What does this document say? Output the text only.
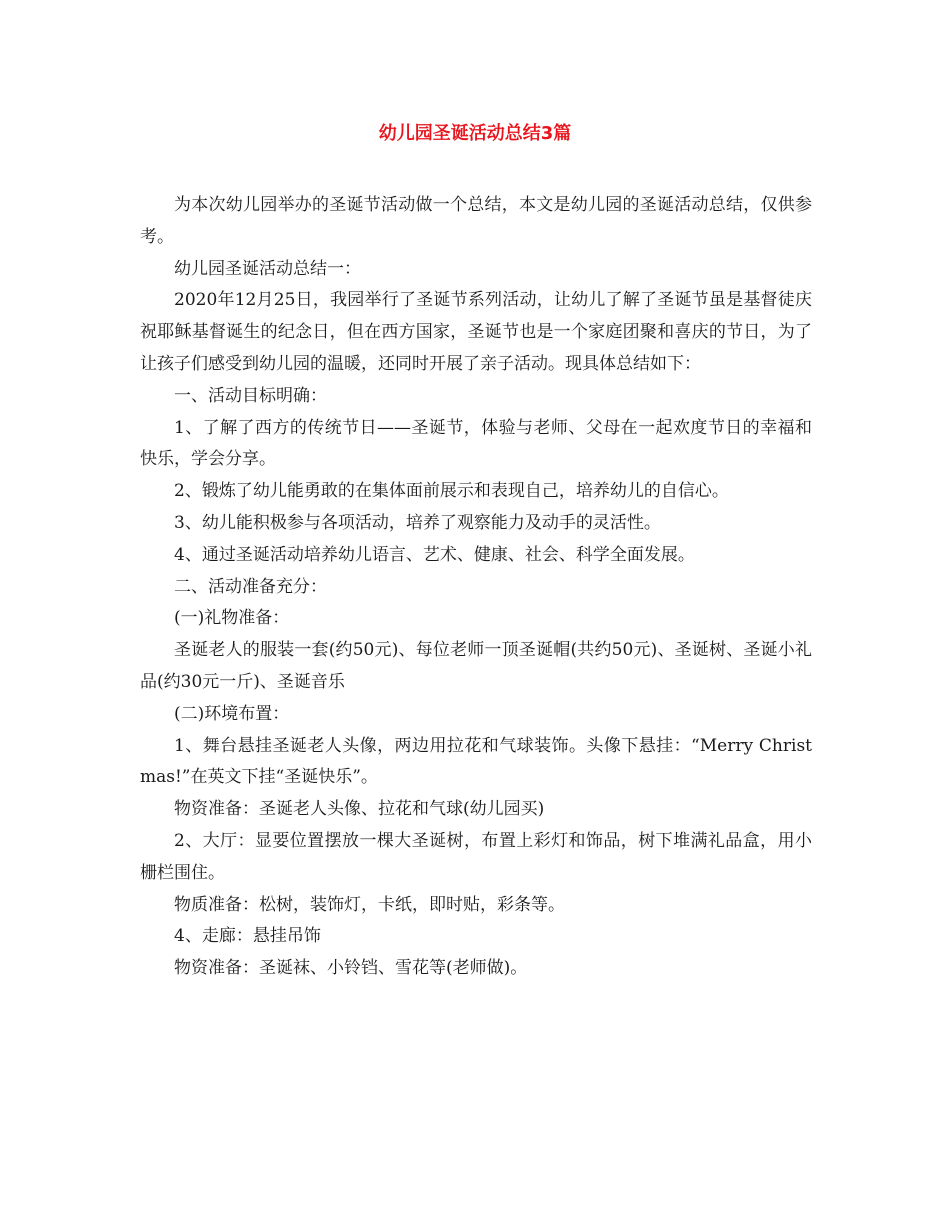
幼儿园圣诞活动总结3篇

为本次幼儿园举办的圣诞节活动做一个总结，本文是幼儿园的圣诞活动总结，仅供参考。

幼儿园圣诞活动总结一：

2020年12月25日，我园举行了圣诞节系列活动，让幼儿了解了圣诞节虽是基督徒庆祝耶稣基督诞生的纪念日，但在西方国家，圣诞节也是一个家庭团聚和喜庆的节日，为了让孩子们感受到幼儿园的温暖，还同时开展了亲子活动。现具体总结如下：

一、活动目标明确：

1、了解了西方的传统节日——圣诞节，体验与老师、父母在一起欢度节日的幸福和快乐，学会分享。

2、锻炼了幼儿能勇敢的在集体面前展示和表现自己，培养幼儿的自信心。

3、幼儿能积极参与各项活动，培养了观察能力及动手的灵活性。

4、通过圣诞活动培养幼儿语言、艺术、健康、社会、科学全面发展。

二、活动准备充分：

(一)礼物准备：

圣诞老人的服装一套(约50元)、每位老师一顶圣诞帽(共约50元)、圣诞树、圣诞小礼品(约30元一斤)、圣诞音乐

(二)环境布置：

1、舞台悬挂圣诞老人头像，两边用拉花和气球装饰。头像下悬挂：“Merry Christmas!”在英文下挂“圣诞快乐”。

物资准备：圣诞老人头像、拉花和气球(幼儿园买)

2、大厅：显要位置摆放一棵大圣诞树，布置上彩灯和饰品，树下堆满礼品盒，用小栅栏围住。

物质准备：松树，装饰灯，卡纸，即时贴，彩条等。

4、走廊：悬挂吊饰

物资准备：圣诞袜、小铃铛、雪花等(老师做)。
